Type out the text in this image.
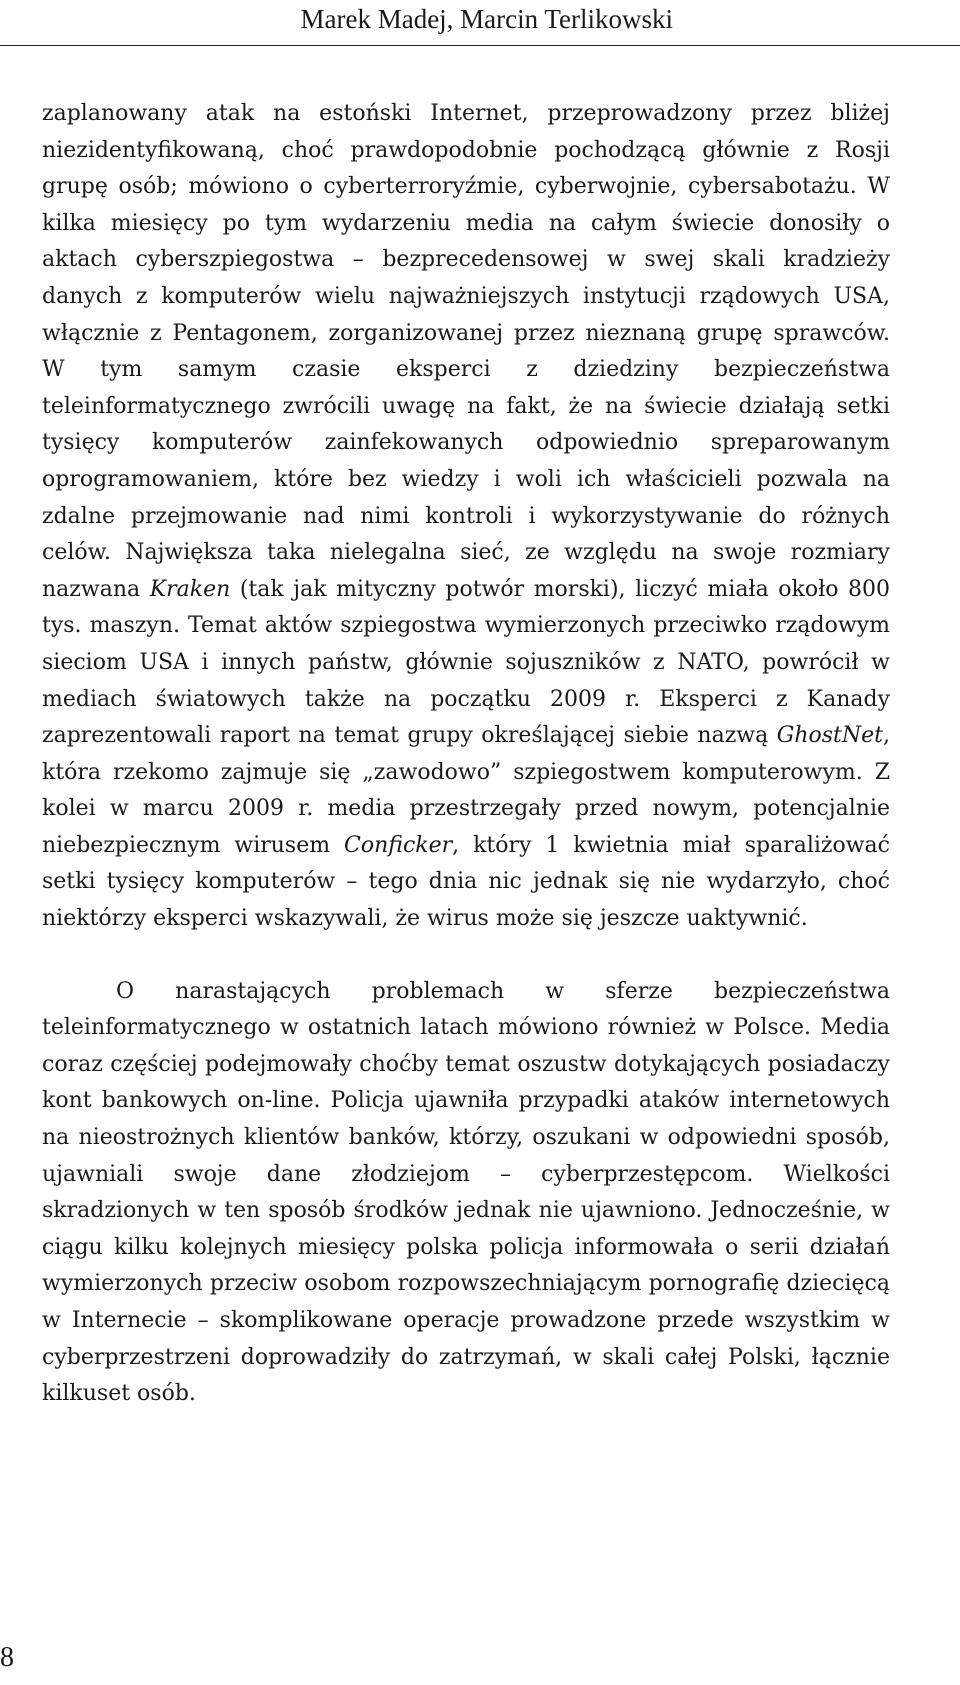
Marek Madej, Marcin Terlikowski

zaplanowany atak na estoński Internet, przeprowadzony przez bliżej niezidentyfikowaną, choć prawdopodobnie pochodzącą głównie z Rosji grupę osób; mówiono o cyberterroryźmie, cyberwojnie, cybersabotażu. W kilka miesięcy po tym wydarzeniu media na całym świecie donosiły o aktach cyberszpiegostwa – bezprecedensowej w swej skali kradzieży danych z komputerów wielu najważniejszych instytucji rządowych USA, włącznie z Pentagonem, zorganizowanej przez nieznaną grupę sprawców. W tym samym czasie eksperci z dziedziny bezpieczeństwa teleinformatycznego zwrócili uwagę na fakt, że na świecie działają setki tysięcy komputerów zainfekowanych odpowiednio spreparowanym oprogramowaniem, które bez wiedzy i woli ich właścicieli pozwala na zdalne przejmowanie nad nimi kontroli i wykorzystywanie do różnych celów. Największa taka nielegalna sieć, ze względu na swoje rozmiary nazwana Kraken (tak jak mityczny potwór morski), liczyć miała około 800 tys. maszyn. Temat aktów szpiegostwa wymierzonych przeciwko rządowym sieciom USA i innych państw, głównie sojuszników z NATO, powrócił w mediach światowych także na początku 2009 r. Eksperci z Kanady zaprezentowali raport na temat grupy określającej siebie nazwą GhostNet, która rzekomo zajmuje się „zawodowo” szpiegostwem komputerowym. Z kolei w marcu 2009 r. media przestrzegały przed nowym, potencjalnie niebezpiecznym wirusem Conficker, który 1 kwietnia miał sparaliżować setki tysięcy komputerów – tego dnia nic jednak się nie wydarzyło, choć niektórzy eksperci wskazywali, że wirus może się jeszcze uaktywnić.

O narastających problemach w sferze bezpieczeństwa teleinformatycznego w ostatnich latach mówiono również w Polsce. Media coraz częściej podejmowały choćby temat oszustw dotykających posiadaczy kont bankowych on-line. Policja ujawniła przypadki ataków internetowych na nieostrożnych klientów banków, którzy, oszukani w odpowiedni sposób, ujawniali swoje dane złodziejom – cyberprzestępcom. Wielkości skradzionych w ten sposób środków jednak nie ujawniono. Jednocześnie, w ciągu kilku kolejnych miesięcy polska policja informowała o serii działań wymierzonych przeciw osobom rozpowszechniającym pornografię dziecięcą w Internecie – skomplikowane operacje prowadzone przede wszystkim w cyberprzestrzeni doprowadziły do zatrzymań, w skali całej Polski, łącznie kilkuset osób.

8
